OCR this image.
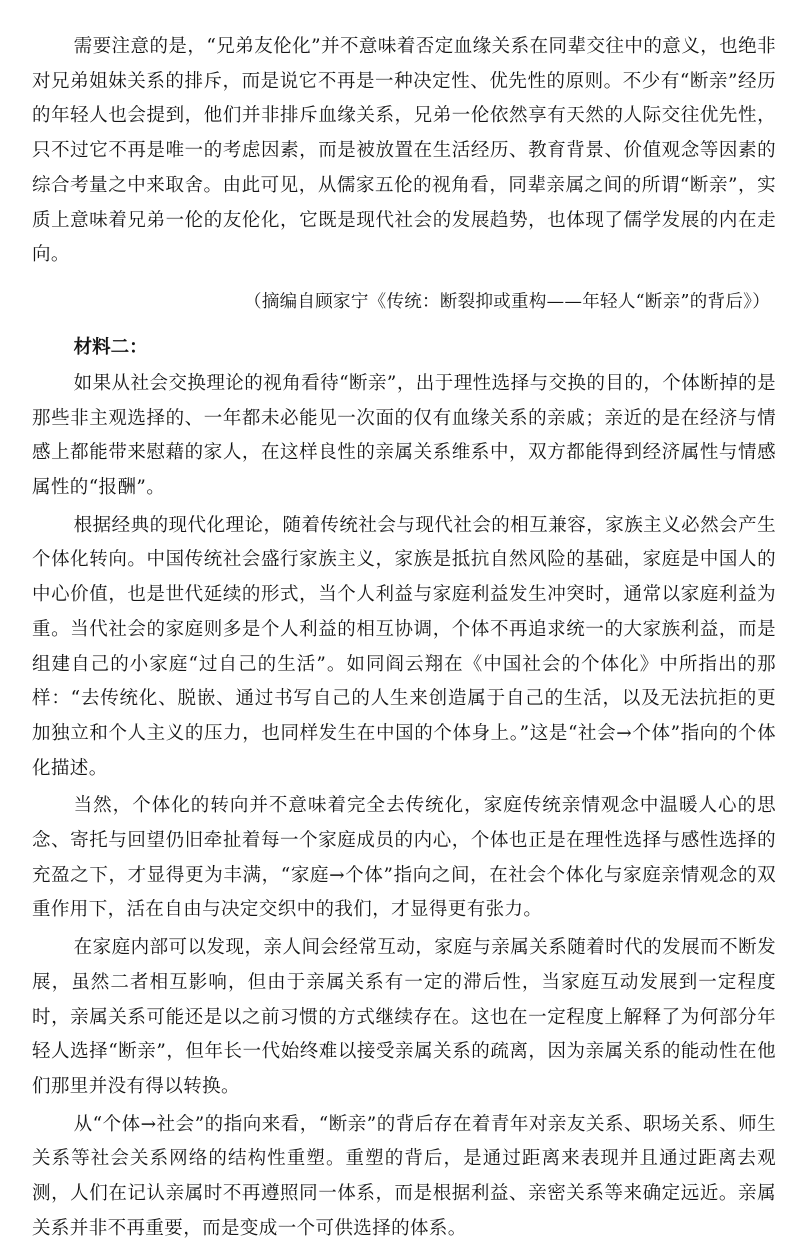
需要注意的是，“兄弟友伦化”并不意味着否定血缘关系在同辈交往中的意义，也绝非对兄弟姐妹关系的排斥，而是说它不再是一种决定性、优先性的原则。不少有“断亲”经历的年轻人也会提到，他们并非排斥血缘关系，兄弟一伦依然享有天然的人际交往优先性，只不过它不再是唯一的考虑因素，而是被放置在生活经历、教育背景、价值观念等因素的综合考量之中来取舍。由此可见，从儒家五伦的视角看，同辈亲属之间的所谓“断亲”，实质上意味着兄弟一伦的友伦化，它既是现代社会的发展趋势，也体现了儒学发展的内在走向。

（摘编自顾家宁《传统：断裂抑或重构——年轻人“断亲”的背后》）

材料二：

如果从社会交换理论的视角看待“断亲”，出于理性选择与交换的目的，个体断掉的是那些非主观选择的、一年都未必能见一次面的仅有血缘关系的亲戚；亲近的是在经济与情感上都能带来慰藉的家人，在这样良性的亲属关系维系中，双方都能得到经济属性与情感属性的“报酬”。

根据经典的现代化理论，随着传统社会与现代社会的相互兼容，家族主义必然会产生个体化转向。中国传统社会盛行家族主义，家族是抵抗自然风险的基础，家庭是中国人的中心价值，也是世代延续的形式，当个人利益与家庭利益发生冲突时，通常以家庭利益为重。当代社会的家庭则多是个人利益的相互协调，个体不再追求统一的大家族利益，而是组建自己的小家庭“过自己的生活”。如同阎云翔在《中国社会的个体化》中所指出的那样：“去传统化、脱嵌、通过书写自己的人生来创造属于自己的生活，以及无法抗拒的更加独立和个人主义的压力，也同样发生在中国的个体身上。”这是“社会→个体”指向的个体化描述。

当然，个体化的转向并不意味着完全去传统化，家庭传统亲情观念中温暖人心的思念、寄托与回望仍旧牵扯着每一个家庭成员的内心，个体也正是在理性选择与感性选择的充盈之下，才显得更为丰满，“家庭→个体”指向之间，在社会个体化与家庭亲情观念的双重作用下，活在自由与决定交织中的我们，才显得更有张力。

在家庭内部可以发现，亲人间会经常互动，家庭与亲属关系随着时代的发展而不断发展，虽然二者相互影响，但由于亲属关系有一定的滞后性，当家庭互动发展到一定程度时，亲属关系可能还是以之前习惯的方式继续存在。这也在一定程度上解释了为何部分年轻人选择“断亲”，但年长一代始终难以接受亲属关系的疏离，因为亲属关系的能动性在他们那里并没有得以转换。

从“个体→社会”的指向来看，“断亲”的背后存在着青年对亲友关系、职场关系、师生关系等社会关系网络的结构性重塑。重塑的背后，是通过距离来表现并且通过距离去观测，人们在记认亲属时不再遵照同一体系，而是根据利益、亲密关系等来确定远近。亲属关系并非不再重要，而是变成一个可供选择的体系。
